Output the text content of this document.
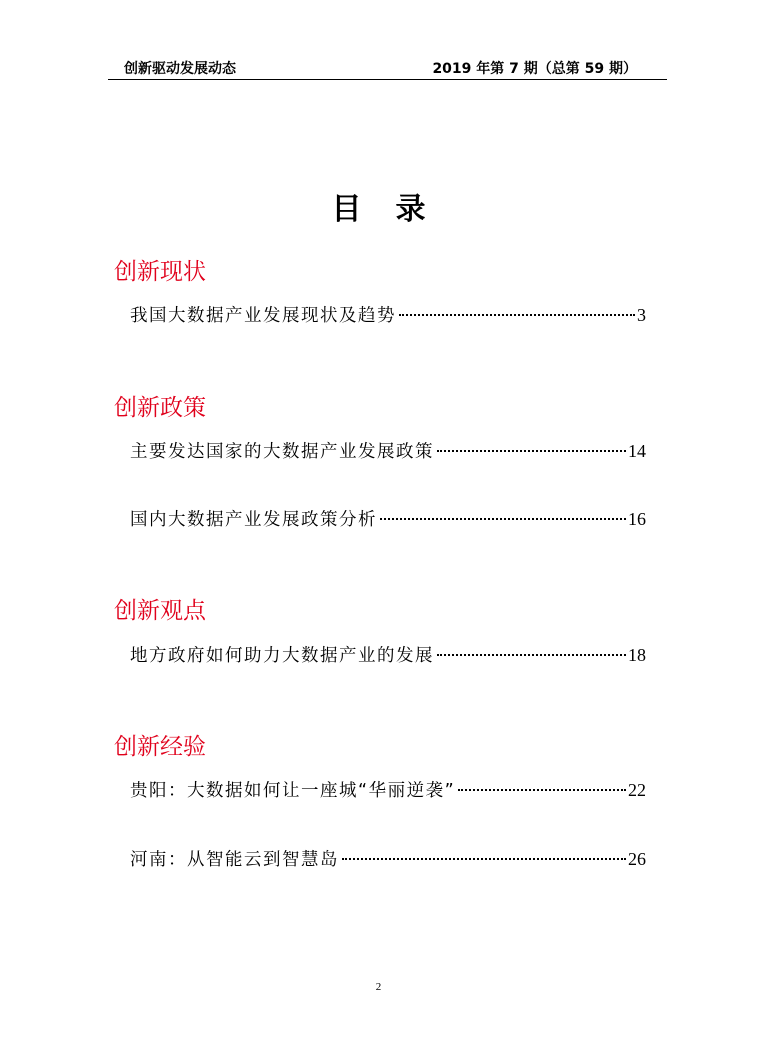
创新驱动发展动态	2019 年第 7 期（总第 59 期）
目录
创新现状
我国大数据产业发展现状及趋势	3
创新政策
主要发达国家的大数据产业发展政策	14
国内大数据产业发展政策分析	16
创新观点
地方政府如何助力大数据产业的发展	18
创新经验
贵阳：大数据如何让一座城“华丽逆袭”	22
河南：从智能云到智慧岛	26
2
